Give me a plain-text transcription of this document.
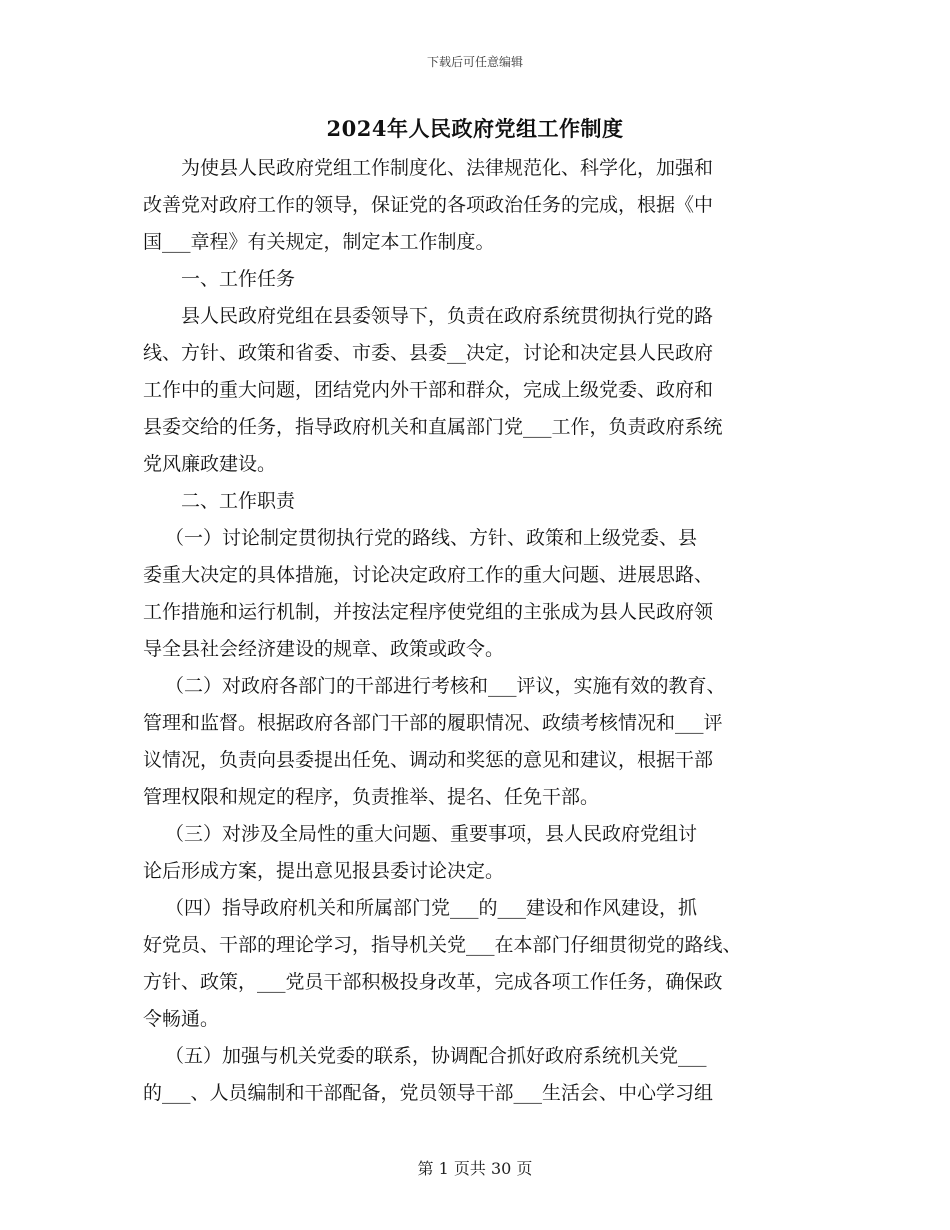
下载后可任意编辑
2024年人民政府党组工作制度
为使县人民政府党组工作制度化、法律规范化、科学化，加强和
改善党对政府工作的领导，保证党的各项政治任务的完成，根据《中
国___章程》有关规定，制定本工作制度。
一、工作任务
县人民政府党组在县委领导下，负责在政府系统贯彻执行党的路
线、方针、政策和省委、市委、县委__决定，讨论和决定县人民政府
工作中的重大问题，团结党内外干部和群众，完成上级党委、政府和
县委交给的任务，指导政府机关和直属部门党___工作，负责政府系统
党风廉政建设。
二、工作职责
（一）讨论制定贯彻执行党的路线、方针、政策和上级党委、县
委重大决定的具体措施，讨论决定政府工作的重大问题、进展思路、
工作措施和运行机制，并按法定程序使党组的主张成为县人民政府领
导全县社会经济建设的规章、政策或政令。
（二）对政府各部门的干部进行考核和___评议，实施有效的教育、
管理和监督。根据政府各部门干部的履职情况、政绩考核情况和___评
议情况，负责向县委提出任免、调动和奖惩的意见和建议，根据干部
管理权限和规定的程序，负责推举、提名、任免干部。
（三）对涉及全局性的重大问题、重要事项，县人民政府党组讨
论后形成方案，提出意见报县委讨论决定。
（四）指导政府机关和所属部门党___的___建设和作风建设，抓
好党员、干部的理论学习，指导机关党___在本部门仔细贯彻党的路线、
方针、政策，___党员干部积极投身改革，完成各项工作任务，确保政
令畅通。
（五）加强与机关党委的联系，协调配合抓好政府系统机关党___
的___、人员编制和干部配备，党员领导干部___生活会、中心学习组
第 1 页共 30 页
